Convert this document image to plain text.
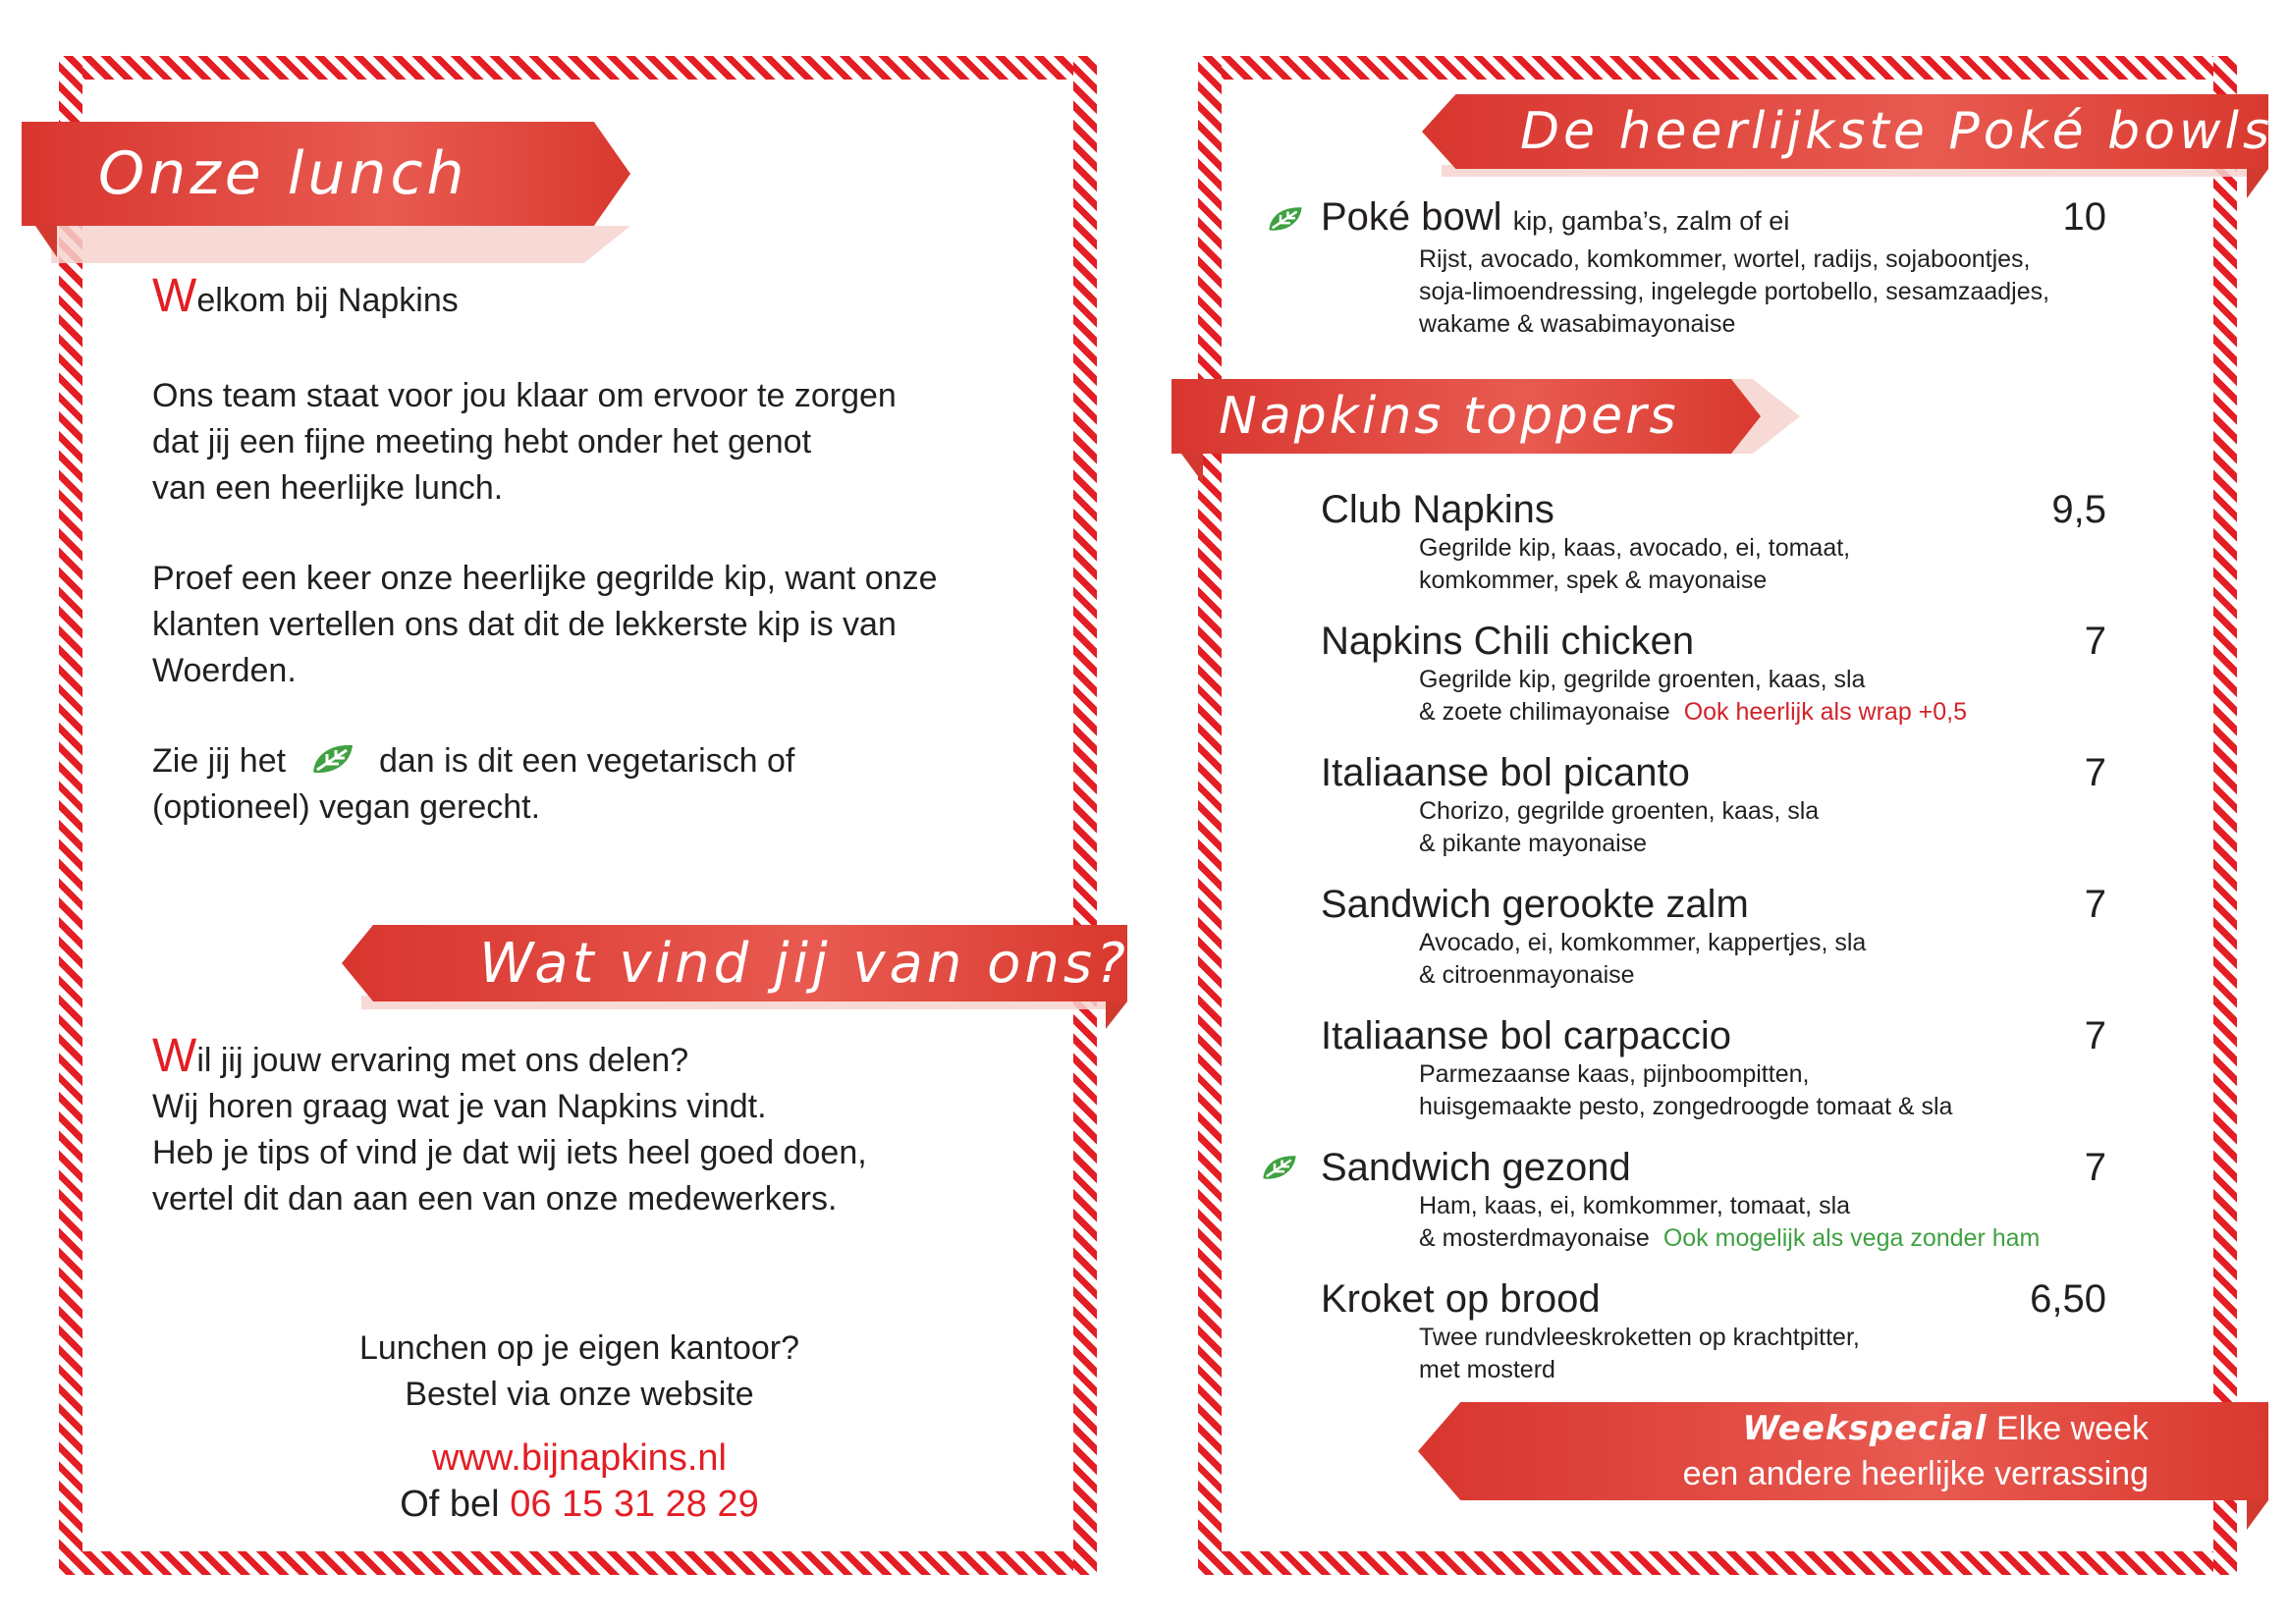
Onze lunch
Welkom bij Napkins
Ons team staat voor jou klaar om ervoor te zorgen
dat jij een fijne meeting hebt onder het genot
van een heerlijke lunch.
Proef een keer onze heerlijke gegrilde kip, want onze
klanten vertellen ons dat dit de lekkerste kip is van
Woerden.
Zie jij het	dan is dit een vegetarisch of
(optioneel) vegan gerecht.
Wat vind jij van ons?
Wil jij jouw ervaring met ons delen?
Wij horen graag wat je van Napkins vindt.
Heb je tips of vind je dat wij iets heel goed doen,
vertel dit dan aan een van onze medewerkers.
Lunchen op je eigen kantoor?
Bestel via onze website
www.bijnapkins.nl
Of bel 06 15 31 28 29
De heerlijkste Poké bowls
Poké bowl kip, gamba’s, zalm of ei	10
Rijst, avocado, komkommer, wortel, radijs, sojaboontjes,
soja-limoendressing, ingelegde portobello, sesamzaadjes,
wakame & wasabimayonaise
Napkins toppers
Club Napkins	9,5
Gegrilde kip, kaas, avocado, ei, tomaat,
komkommer, spek & mayonaise
Napkins Chili chicken	7
Gegrilde kip, gegrilde groenten, kaas, sla
& zoete chilimayonaise Ook heerlijk als wrap +0,5
Italiaanse bol picanto	7
Chorizo, gegrilde groenten, kaas, sla
& pikante mayonaise
Sandwich gerookte zalm	7
Avocado, ei, komkommer, kappertjes, sla
& citroenmayonaise
Italiaanse bol carpaccio	7
Parmezaanse kaas, pijnboompitten,
huisgemaakte pesto, zongedroogde tomaat & sla
Sandwich gezond	7
Ham, kaas, ei, komkommer, tomaat, sla
& mosterdmayonaise Ook mogelijk als vega zonder ham
Kroket op brood	6,50
Twee rundvleeskroketten op krachtpitter,
met mosterd
Weekspecial Elke week
een andere heerlijke verrassing
